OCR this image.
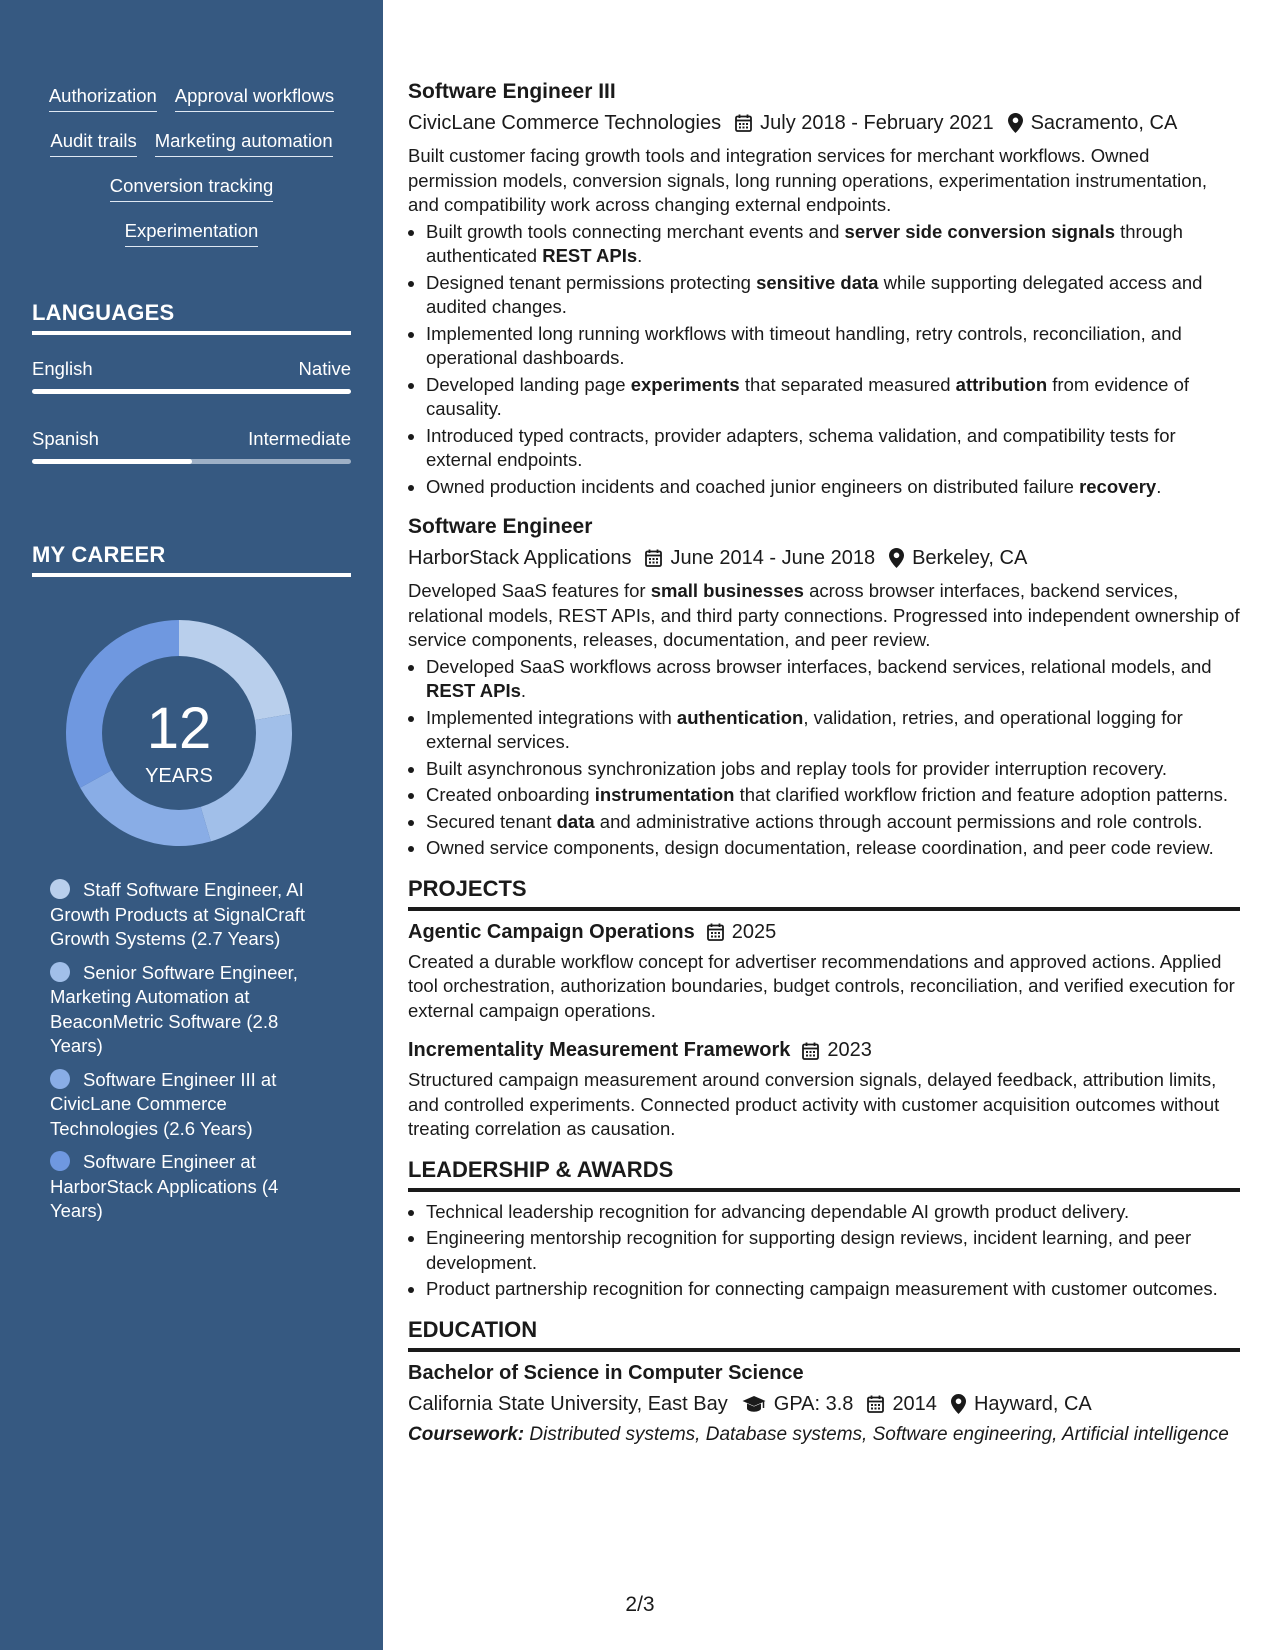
Authorization Approval workflows
Audit trails Marketing automation
Conversion tracking
Experimentation
LANGUAGES
English	Native
Spanish	Intermediate
MY CAREER
12
YEARS
Staff Software Engineer, AI Growth Products at SignalCraft Growth Systems (2.7 Years)
Senior Software Engineer, Marketing Automation at BeaconMetric Software (2.8 Years)
Software Engineer III at CivicLane Commerce Technologies (2.6 Years)
Software Engineer at HarborStack Applications (4 Years)
Software Engineer III
CivicLane Commerce Technologies July 2018 - February 2021 Sacramento, CA
Built customer facing growth tools and integration services for merchant workflows. Owned permission models, conversion signals, long running operations, experimentation instrumentation, and compatibility work across changing external endpoints.
• Built growth tools connecting merchant events and server side conversion signals through authenticated REST APIs.
• Designed tenant permissions protecting sensitive data while supporting delegated access and audited changes.
• Implemented long running workflows with timeout handling, retry controls, reconciliation, and operational dashboards.
• Developed landing page experiments that separated measured attribution from evidence of causality.
• Introduced typed contracts, provider adapters, schema validation, and compatibility tests for external endpoints.
• Owned production incidents and coached junior engineers on distributed failure recovery.
Software Engineer
HarborStack Applications June 2014 - June 2018 Berkeley, CA
Developed SaaS features for small businesses across browser interfaces, backend services, relational models, REST APIs, and third party connections. Progressed into independent ownership of service components, releases, documentation, and peer review.
• Developed SaaS workflows across browser interfaces, backend services, relational models, and REST APIs.
• Implemented integrations with authentication, validation, retries, and operational logging for external services.
• Built asynchronous synchronization jobs and replay tools for provider interruption recovery.
• Created onboarding instrumentation that clarified workflow friction and feature adoption patterns.
• Secured tenant data and administrative actions through account permissions and role controls.
• Owned service components, design documentation, release coordination, and peer code review.
PROJECTS
Agentic Campaign Operations 2025
Created a durable workflow concept for advertiser recommendations and approved actions. Applied tool orchestration, authorization boundaries, budget controls, reconciliation, and verified execution for external campaign operations.
Incrementality Measurement Framework 2023
Structured campaign measurement around conversion signals, delayed feedback, attribution limits, and controlled experiments. Connected product activity with customer acquisition outcomes without treating correlation as causation.
LEADERSHIP & AWARDS
• Technical leadership recognition for advancing dependable AI growth product delivery.
• Engineering mentorship recognition for supporting design reviews, incident learning, and peer development.
• Product partnership recognition for connecting campaign measurement with customer outcomes.
EDUCATION
Bachelor of Science in Computer Science
California State University, East Bay GPA: 3.8 2014 Hayward, CA
Coursework: Distributed systems, Database systems, Software engineering, Artificial intelligence
2/3
